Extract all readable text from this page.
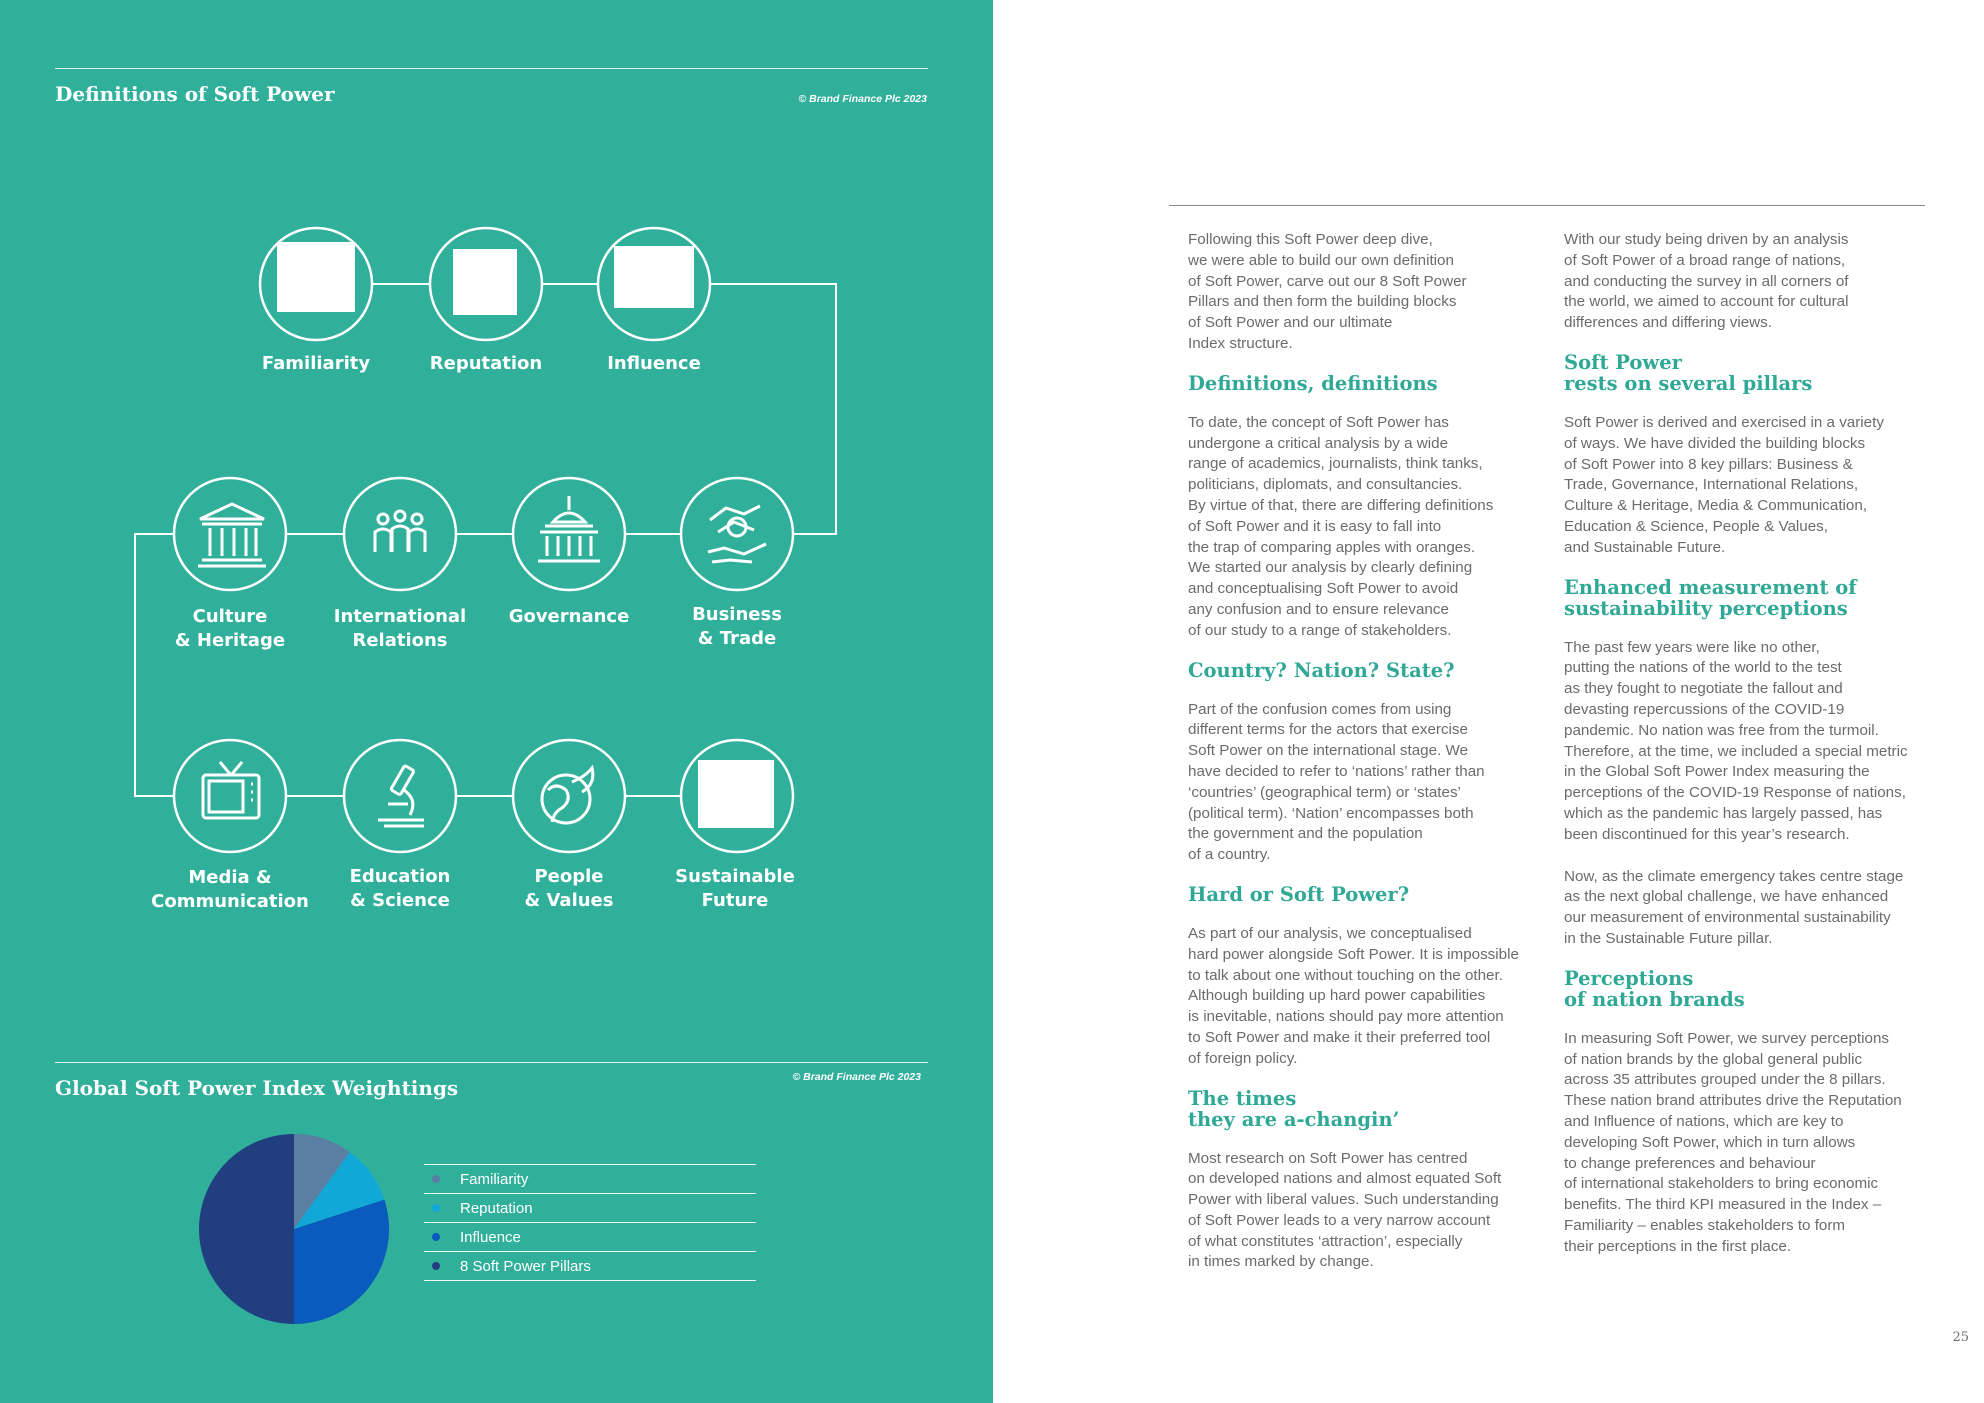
Definitions of Soft Power	© Brand Finance Plc 2023
Familiarity	Reputation	Influence
Culture
& Heritage
International
Relations
Governance	Business
& Trade
Media &
Communication
Education
& Science
People
& Values
Sustainable
Future
Global Soft Power Index Weightings	© Brand Finance Plc 2023
Familiarity
Reputation
Influence
8 Soft Power Pillars

Following this Soft Power deep dive,
we were able to build our own definition
of Soft Power, carve out our 8 Soft Power
Pillars and then form the building blocks
of Soft Power and our ultimate
Index structure.

Definitions, definitions

To date, the concept of Soft Power has
undergone a critical analysis by a wide
range of academics, journalists, think tanks,
politicians, diplomats, and consultancies.
By virtue of that, there are differing definitions
of Soft Power and it is easy to fall into
the trap of comparing apples with oranges.
We started our analysis by clearly defining
and conceptualising Soft Power to avoid
any confusion and to ensure relevance
of our study to a range of stakeholders.

Country? Nation? State?

Part of the confusion comes from using
different terms for the actors that exercise
Soft Power on the international stage. We
have decided to refer to ‘nations’ rather than
‘countries’ (geographical term) or ‘states’
(political term). ‘Nation’ encompasses both
the government and the population
of a country.

Hard or Soft Power?

As part of our analysis, we conceptualised
hard power alongside Soft Power. It is impossible
to talk about one without touching on the other.
Although building up hard power capabilities
is inevitable, nations should pay more attention
to Soft Power and make it their preferred tool
of foreign policy.

The times
they are a-changin’

Most research on Soft Power has centred
on developed nations and almost equated Soft
Power with liberal values. Such understanding
of Soft Power leads to a very narrow account
of what constitutes ‘attraction’, especially
in times marked by change.

With our study being driven by an analysis
of Soft Power of a broad range of nations,
and conducting the survey in all corners of
the world, we aimed to account for cultural
differences and differing views.

Soft Power
rests on several pillars

Soft Power is derived and exercised in a variety
of ways. We have divided the building blocks
of Soft Power into 8 key pillars: Business &
Trade, Governance, International Relations,
Culture & Heritage, Media & Communication,
Education & Science, People & Values,
and Sustainable Future.

Enhanced measurement of
sustainability perceptions

The past few years were like no other,
putting the nations of the world to the test
as they fought to negotiate the fallout and
devasting repercussions of the COVID-19
pandemic. No nation was free from the turmoil.
Therefore, at the time, we included a special metric
in the Global Soft Power Index measuring the
perceptions of the COVID-19 Response of nations,
which as the pandemic has largely passed, has
been discontinued for this year’s research.

Now, as the climate emergency takes centre stage
as the next global challenge, we have enhanced
our measurement of environmental sustainability
in the Sustainable Future pillar.

Perceptions
of nation brands

In measuring Soft Power, we survey perceptions
of nation brands by the global general public
across 35 attributes grouped under the 8 pillars.
These nation brand attributes drive the Reputation
and Influence of nations, which are key to
developing Soft Power, which in turn allows
to change preferences and behaviour
of international stakeholders to bring economic
benefits. The third KPI measured in the Index –
Familiarity – enables stakeholders to form
their perceptions in the first place.

25
